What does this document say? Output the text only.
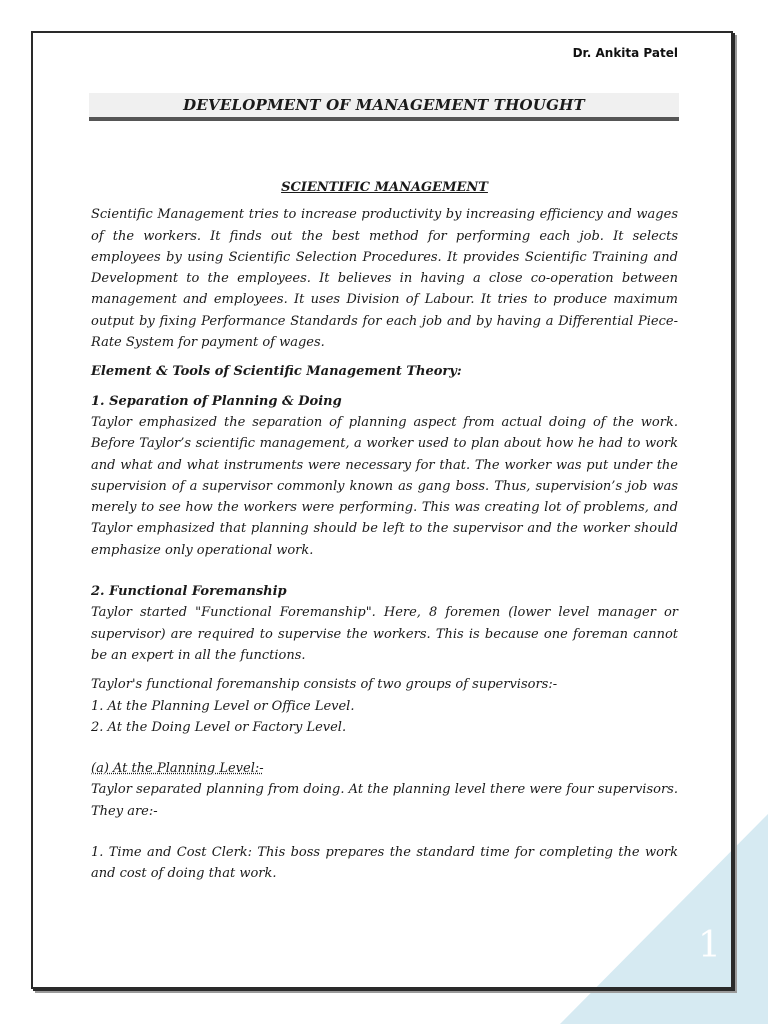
Dr. Ankita Patel
DEVELOPMENT OF MANAGEMENT THOUGHT

SCIENTIFIC MANAGEMENT

Scientific Management tries to increase productivity by increasing efficiency and wages of the workers. It finds out the best method for performing each job. It selects employees by using Scientific Selection Procedures. It provides Scientific Training and Development to the employees. It believes in having a close co-operation between management and employees. It uses Division of Labour. It tries to produce maximum output by fixing Performance Standards for each job and by having a Differential Piece-Rate System for payment of wages.

Element & Tools of Scientific Management Theory:

1. Separation of Planning & Doing

Taylor emphasized the separation of planning aspect from actual doing of the work. Before Taylor’s scientific management, a worker used to plan about how he had to work and what and what instruments were necessary for that. The worker was put under the supervision of a supervisor commonly known as gang boss. Thus, supervision’s job was merely to see how the workers were performing. This was creating lot of problems, and Taylor emphasized that planning should be left to the supervisor and the worker should emphasize only operational work.

2. Functional Foremanship

Taylor started "Functional Foremanship". Here, 8 foremen (lower level manager or supervisor) are required to supervise the workers. This is because one foreman cannot be an expert in all the functions.

Taylor's functional foremanship consists of two groups of supervisors:-

1. At the Planning Level or Office Level.

2. At the Doing Level or Factory Level.

(a) At the Planning Level:-

Taylor separated planning from doing. At the planning level there were four supervisors. They are:-

1. Time and Cost Clerk: This boss prepares the standard time for completing the work and cost of doing that work.

1
